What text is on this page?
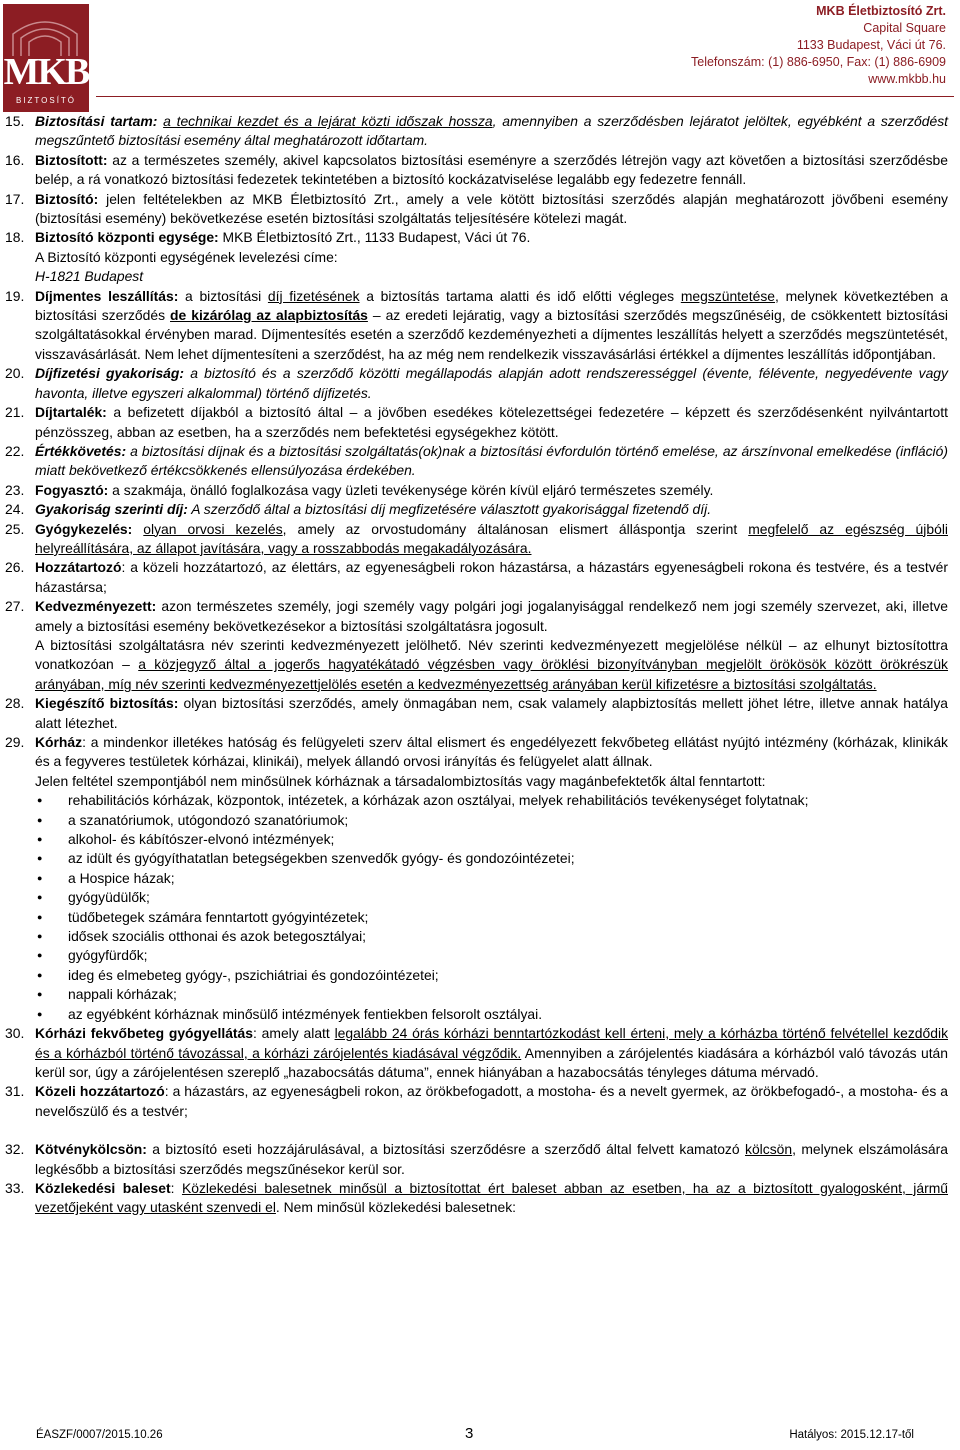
MKB
BIZTOSÍTÓ
MKB Életbiztosító Zrt.
Capital Square
1133 Budapest, Váci út 76.
Telefonszám: (1) 886-6950, Fax: (1) 886-6909
www.mkbb.hu
15. Biztosítási tartam: a technikai kezdet és a lejárat közti időszak hossza, amennyiben a szerződésben lejáratot jelöltek, egyébként a szerződést megszűntető biztosítási esemény által meghatározott időtartam.
16. Biztosított: az a természetes személy, akivel kapcsolatos biztosítási eseményre a szerződés létrejön vagy azt követően a biztosítási szerződésbe belép, a rá vonatkozó biztosítási fedezetek tekintetében a biztosító kockázatviselése legalább egy fedezetre fennáll.
17. Biztosító: jelen feltételekben az MKB Életbiztosító Zrt., amely a vele kötött biztosítási szerződés alapján meghatározott jövőbeni esemény (biztosítási esemény) bekövetkezése esetén biztosítási szolgáltatás teljesítésére kötelezi magát.
18. Biztosító központi egysége: MKB Életbiztosító Zrt., 1133 Budapest, Váci út 76.
A Biztosító központi egységének levelezési címe:
H-1821 Budapest
19. Díjmentes leszállítás: a biztosítási díj fizetésének a biztosítás tartama alatti és idő előtti végleges megszüntetése, melynek következtében a biztosítási szerződés de kizárólag az alapbiztosítás – az eredeti lejáratig, vagy a biztosítási szerződés megszűnéséig, de csökkentett biztosítási szolgáltatásokkal érvényben marad. Díjmentesítés esetén a szerződő kezdeményezheti a díjmentes leszállítás helyett a szerződés megszüntetését, visszavásárlását. Nem lehet díjmentesíteni a szerződést, ha az még nem rendelkezik visszavásárlási értékkel a díjmentes leszállítás időpontjában.
20. Díjfizetési gyakoriság: a biztosító és a szerződő közötti megállapodás alapján adott rendszerességgel (évente, félévente, negyedévente vagy havonta, illetve egyszeri alkalommal) történő díjfizetés.
21. Díjtartalék: a befizetett díjakból a biztosító által – a jövőben esedékes kötelezettségei fedezetére – képzett és szerződésenként nyilvántartott pénzösszeg, abban az esetben, ha a szerződés nem befektetési egységekhez kötött.
22. Értékkövetés: a biztosítási díjnak és a biztosítási szolgáltatás(ok)nak a biztosítási évfordulón történő emelése, az árszínvonal emelkedése (infláció) miatt bekövetkező értékcsökkenés ellensúlyozása érdekében.
23. Fogyasztó: a szakmája, önálló foglalkozása vagy üzleti tevékenysége körén kívül eljáró természetes személy.
24. Gyakoriság szerinti díj: A szerződő által a biztosítási díj megfizetésére választott gyakorisággal fizetendő díj.
25. Gyógykezelés: olyan orvosi kezelés, amely az orvostudomány általánosan elismert álláspontja szerint megfelelő az egészség újbóli helyreállítására, az állapot javítására, vagy a rosszabbodás megakadályozására.
26. Hozzátartozó: a közeli hozzátartozó, az élettárs, az egyeneságbeli rokon házastársa, a házastárs egyeneságbeli rokona és testvére, és a testvér házastársa;
27. Kedvezményezett: azon természetes személy, jogi személy vagy polgári jogi jogalanyisággal rendelkező nem jogi személy szervezet, aki, illetve amely a biztosítási esemény bekövetkezésekor a biztosítási szolgáltatásra jogosult.
A biztosítási szolgáltatásra név szerinti kedvezményezett jelölhető. Név szerinti kedvezményezett megjelölése nélkül – az elhunyt biztosítottra vonatkozóan – a közjegyző által a jogerős hagyatékátadó végzésben vagy öröklési bizonyítványban megjelölt örökösök között örökrészük arányában, míg név szerinti kedvezményezettjelölés esetén a kedvezményezettség arányában kerül kifizetésre a biztosítási szolgáltatás.
28. Kiegészítő biztosítás: olyan biztosítási szerződés, amely önmagában nem, csak valamely alapbiztosítás mellett jöhet létre, illetve annak hatálya alatt létezhet.
29. Kórház: a mindenkor illetékes hatóság és felügyeleti szerv által elismert és engedélyezett fekvőbeteg ellátást nyújtó intézmény (kórházak, klinikák és a fegyveres testületek kórházai, klinikái), melyek állandó orvosi irányítás és felügyelet alatt állnak.
Jelen feltétel szempontjából nem minősülnek kórháznak a társadalombiztosítás vagy magánbefektetők által fenntartott:
● rehabilitációs kórházak, központok, intézetek, a kórházak azon osztályai, melyek rehabilitációs tevékenységet folytatnak;
● a szanatóriumok, utógondozó szanatóriumok;
● alkohol- és kábítószer-elvonó intézmények;
● az idült és gyógyíthatatlan betegségekben szenvedők gyógy- és gondozóintézetei;
● a Hospice házak;
● gyógyüdülők;
● tüdőbetegek számára fenntartott gyógyintézetek;
● idősek szociális otthonai és azok betegosztályai;
● gyógyfürdők;
● ideg és elmebeteg gyógy-, pszichiátriai és gondozóintézetei;
● nappali kórházak;
● az egyébként kórháznak minősülő intézmények fentiekben felsorolt osztályai.
30. Kórházi fekvőbeteg gyógyellátás: amely alatt legalább 24 órás kórházi benntartózkodást kell érteni, mely a kórházba történő felvétellel kezdődik és a kórházból történő távozással, a kórházi zárójelentés kiadásával végződik. Amennyiben a zárójelentés kiadására a kórházból való távozás után kerül sor, úgy a zárójelentésen szereplő „hazabocsátás dátuma”, ennek hiányában a hazabocsátás tényleges dátuma mérvadó.
31. Közeli hozzátartozó: a házastárs, az egyeneságbeli rokon, az örökbefogadott, a mostoha- és a nevelt gyermek, az örökbefogadó-, a mostoha- és a nevelőszülő és a testvér;
32. Kötvénykölcsön: a biztosító eseti hozzájárulásával, a biztosítási szerződésre a szerződő által felvett kamatozó kölcsön, melynek elszámolására legkésőbb a biztosítási szerződés megszűnésekor kerül sor.
33. Közlekedési baleset: Közlekedési balesetnek minősül a biztosítottat ért baleset abban az esetben, ha az a biztosított gyalogosként, jármű vezetőjeként vagy utasként szenvedi el. Nem minősül közlekedési balesetnek:
ÉASZF/0007/2015.10.26	3	Hatályos: 2015.12.17-től
